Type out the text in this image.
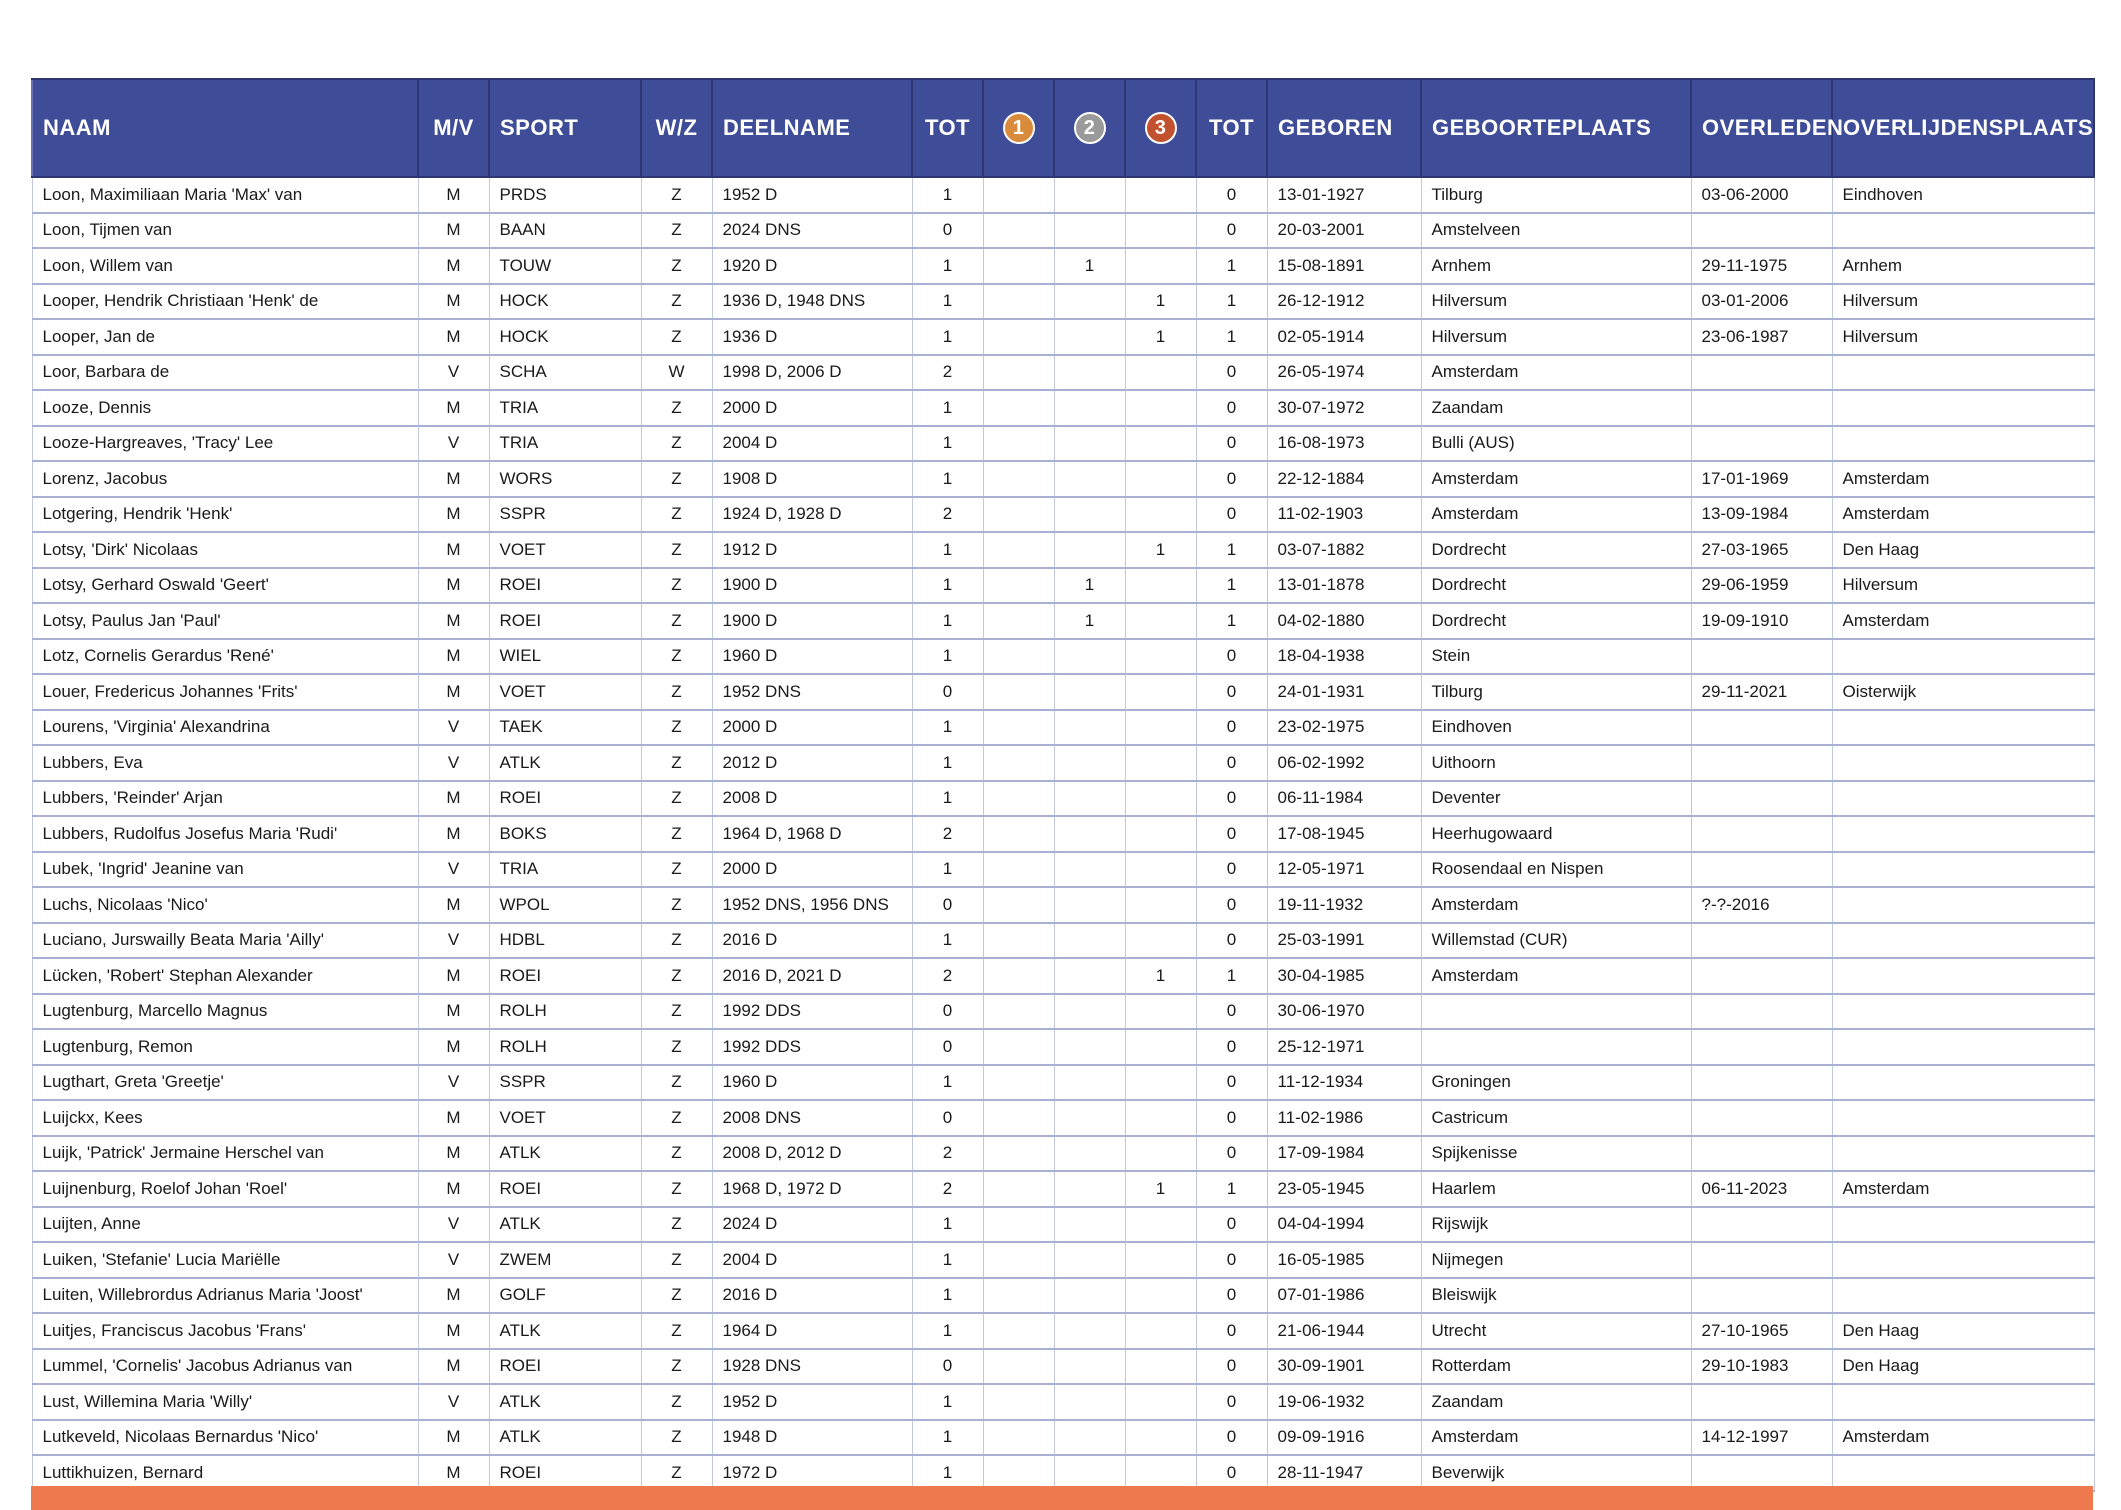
NAAM	M/V	SPORT	W/Z	DEELNAME	TOT	1	2	3	TOT	GEBOREN	GEBOORTEPLAATS	OVERLEDEN	OVERLIJDENSPLAATS
Loon, Maximiliaan Maria 'Max' van	M	PRDS	Z	1952 D	1				0	13-01-1927	Tilburg	03-06-2000	Eindhoven
Loon, Tijmen van	M	BAAN	Z	2024 DNS	0				0	20-03-2001	Amstelveen		
Loon, Willem van	M	TOUW	Z	1920 D	1		1		1	15-08-1891	Arnhem	29-11-1975	Arnhem
Looper, Hendrik Christiaan 'Henk' de	M	HOCK	Z	1936 D, 1948 DNS	1			1	1	26-12-1912	Hilversum	03-01-2006	Hilversum
Looper, Jan de	M	HOCK	Z	1936 D	1			1	1	02-05-1914	Hilversum	23-06-1987	Hilversum
Loor, Barbara de	V	SCHA	W	1998 D, 2006 D	2				0	26-05-1974	Amsterdam		
Looze, Dennis	M	TRIA	Z	2000 D	1				0	30-07-1972	Zaandam		
Looze-Hargreaves, 'Tracy' Lee	V	TRIA	Z	2004 D	1				0	16-08-1973	Bulli (AUS)		
Lorenz, Jacobus	M	WORS	Z	1908 D	1				0	22-12-1884	Amsterdam	17-01-1969	Amsterdam
Lotgering, Hendrik 'Henk'	M	SSPR	Z	1924 D, 1928 D	2				0	11-02-1903	Amsterdam	13-09-1984	Amsterdam
Lotsy, 'Dirk' Nicolaas	M	VOET	Z	1912 D	1			1	1	03-07-1882	Dordrecht	27-03-1965	Den Haag
Lotsy, Gerhard Oswald 'Geert'	M	ROEI	Z	1900 D	1		1		1	13-01-1878	Dordrecht	29-06-1959	Hilversum
Lotsy, Paulus Jan 'Paul'	M	ROEI	Z	1900 D	1		1		1	04-02-1880	Dordrecht	19-09-1910	Amsterdam
Lotz, Cornelis Gerardus 'René'	M	WIEL	Z	1960 D	1				0	18-04-1938	Stein		
Louer, Fredericus Johannes 'Frits'	M	VOET	Z	1952 DNS	0				0	24-01-1931	Tilburg	29-11-2021	Oisterwijk
Lourens, 'Virginia' Alexandrina	V	TAEK	Z	2000 D	1				0	23-02-1975	Eindhoven		
Lubbers, Eva	V	ATLK	Z	2012 D	1				0	06-02-1992	Uithoorn		
Lubbers, 'Reinder' Arjan	M	ROEI	Z	2008 D	1				0	06-11-1984	Deventer		
Lubbers, Rudolfus Josefus Maria 'Rudi'	M	BOKS	Z	1964 D, 1968 D	2				0	17-08-1945	Heerhugowaard		
Lubek, 'Ingrid' Jeanine van	V	TRIA	Z	2000 D	1				0	12-05-1971	Roosendaal en Nispen		
Luchs, Nicolaas 'Nico'	M	WPOL	Z	1952 DNS, 1956 DNS	0				0	19-11-1932	Amsterdam	?-?-2016	
Luciano, Jurswailly Beata Maria 'Ailly'	V	HDBL	Z	2016 D	1				0	25-03-1991	Willemstad (CUR)		
Lücken, 'Robert' Stephan Alexander	M	ROEI	Z	2016 D, 2021 D	2			1	1	30-04-1985	Amsterdam		
Lugtenburg, Marcello Magnus	M	ROLH	Z	1992 DDS	0				0	30-06-1970			
Lugtenburg, Remon	M	ROLH	Z	1992 DDS	0				0	25-12-1971			
Lugthart, Greta 'Greetje'	V	SSPR	Z	1960 D	1				0	11-12-1934	Groningen		
Luijckx, Kees	M	VOET	Z	2008 DNS	0				0	11-02-1986	Castricum		
Luijk, 'Patrick' Jermaine Herschel van	M	ATLK	Z	2008 D, 2012 D	2				0	17-09-1984	Spijkenisse		
Luijnenburg, Roelof Johan 'Roel'	M	ROEI	Z	1968 D, 1972 D	2			1	1	23-05-1945	Haarlem	06-11-2023	Amsterdam
Luijten, Anne	V	ATLK	Z	2024 D	1				0	04-04-1994	Rijswijk		
Luiken, 'Stefanie' Lucia Mariëlle	V	ZWEM	Z	2004 D	1				0	16-05-1985	Nijmegen		
Luiten, Willebrordus Adrianus Maria 'Joost'	M	GOLF	Z	2016 D	1				0	07-01-1986	Bleiswijk		
Luitjes, Franciscus Jacobus 'Frans'	M	ATLK	Z	1964 D	1				0	21-06-1944	Utrecht	27-10-1965	Den Haag
Lummel, 'Cornelis' Jacobus Adrianus van	M	ROEI	Z	1928 DNS	0				0	30-09-1901	Rotterdam	29-10-1983	Den Haag
Lust, Willemina Maria 'Willy'	V	ATLK	Z	1952 D	1				0	19-06-1932	Zaandam		
Lutkeveld, Nicolaas Bernardus 'Nico'	M	ATLK	Z	1948 D	1				0	09-09-1916	Amsterdam	14-12-1997	Amsterdam
Luttikhuizen, Bernard	M	ROEI	Z	1972 D	1				0	28-11-1947	Beverwijk		
